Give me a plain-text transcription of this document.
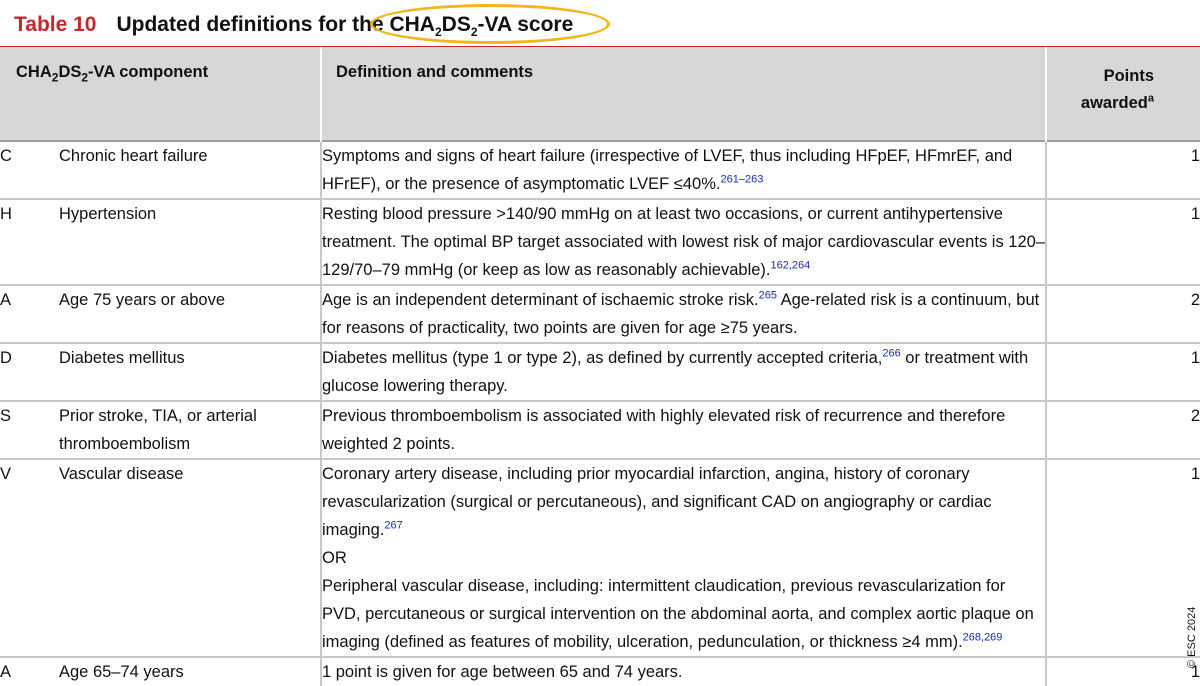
Table 10 Updated definitions for the $CHA_2DS_2-VA$ score
$CHA_2DS_2-VA$ component		Definition and comments	Points
awarded$^a$

C	Chronic heart failure	Symptoms and signs of heart failure (irrespective of LVEF, thus including HFpEF, HFmrEF, and HFrEF), or the presence of asymptomatic LVEF ≤40%.$^{261-263}$	1
H	Hypertension	Resting blood pressure >140/90 mmHg on at least two occasions, or current antihypertensive treatment. The optimal BP target associated with lowest risk of major cardiovascular events is 120–129/70–79 mmHg (or keep as low as reasonably achievable).$^{162,264}$	1
A	Age 75 years or above	Age is an independent determinant of ischaemic stroke risk.$^{265}$ Age-related risk is a continuum, but for reasons of practicality, two points are given for age ≥75 years.	2
D	Diabetes mellitus	Diabetes mellitus (type 1 or type 2), as defined by currently accepted criteria,$^{266}$ or treatment with glucose lowering therapy.	1
S	Prior stroke, TIA, or arterial thromboembolism	Previous thromboembolism is associated with highly elevated risk of recurrence and therefore weighted 2 points.	2
V	Vascular disease	Coronary artery disease, including prior myocardial infarction, angina, history of coronary revascularization (surgical or percutaneous), and significant CAD on angiography or cardiac imaging.$^{267}$
OR
Peripheral vascular disease, including: intermittent claudication, previous revascularization for PVD, percutaneous or surgical intervention on the abdominal aorta, and complex aortic plaque on imaging (defined as features of mobility, ulceration, pedunculation, or thickness ≥4 mm).$^{268,269}$	1
A	Age 65–74 years	1 point is given for age between 65 and 74 years.	1
© ESC 2024
